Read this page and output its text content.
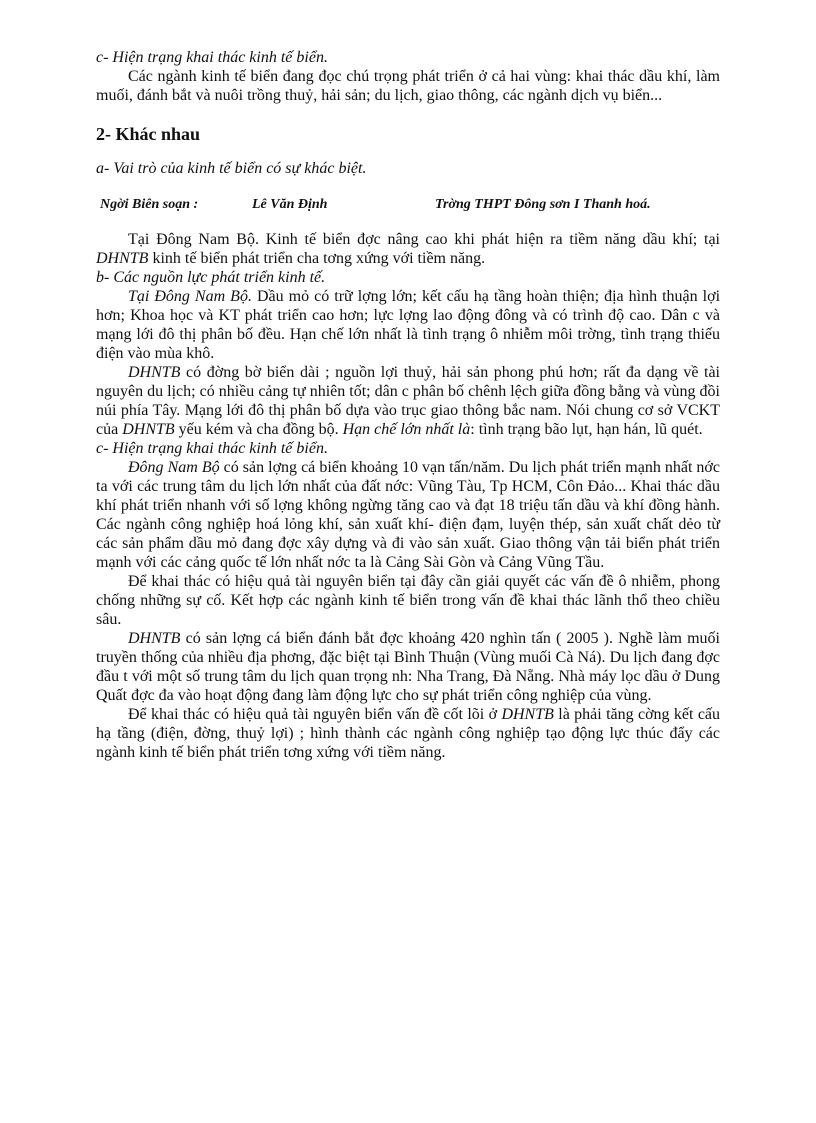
c- Hiện trạng khai thác kinh tế biển.

Các ngành kinh tế biển đang đọc chú trọng phát triển ở cả hai vùng: khai thác dầu khí, làm muối, đánh bắt và nuôi trồng thuỷ, hải sản; du lịch, giao thông, các ngành dịch vụ biển...

2- Khác nhau

a- Vai trò của kinh tế biển có sự khác biệt.

Ngời Biên soạn :	Lê Văn Định	Trờng THPT Đông sơn I Thanh hoá.

Tại Đông Nam Bộ. Kinh tế biển đợc nâng cao khi phát hiện ra tiềm năng dầu khí; tại DHNTB kinh tế biển phát triển cha tơng xứng với tiềm năng.

b- Các nguồn lực phát triển kinh tế.

Tại Đông Nam Bộ. Dầu mỏ có trữ lợng lớn; kết cấu hạ tầng hoàn thiện; địa hình thuận lợi hơn; Khoa học và KT phát triển cao hơn; lực lợng lao động đông và có trình độ cao. Dân c và mạng lới đô thị phân bố đều. Hạn chế lớn nhất là tình trạng ô nhiễm môi trờng, tình trạng thiếu điện vào mùa khô.

DHNTB có đờng bờ biển dài ; nguồn lợi thuỷ, hải sản phong phú hơn; rất đa dạng về tài nguyên du lịch; có nhiều cảng tự nhiên tốt; dân c phân bố chênh lệch giữa đồng bằng và vùng đồi núi phía Tây. Mạng lới đô thị phân bố dựa vào trục giao thông bắc nam. Nói chung cơ sở VCKT của DHNTB yếu kém và cha đồng bộ. Hạn chế lớn nhất là: tình trạng bão lụt, hạn hán, lũ quét.

c- Hiện trạng khai thác kinh tế biển.

Đông Nam Bộ có sản lợng cá biển khoảng 10 vạn tấn/năm. Du lịch phát triển mạnh nhất nớc ta với các trung tâm du lịch lớn nhất của đất nớc: Vũng Tàu, Tp HCM, Côn Đảo... Khai thác dầu khí phát triển nhanh với số lợng không ngừng tăng cao và đạt 18 triệu tấn dầu và khí đồng hành. Các ngành công nghiệp hoá lỏng khí, sản xuất khí- điện đạm, luyện thép, sản xuất chất dẻo từ các sản phẩm dầu mỏ đang đợc xây dựng và đi vào sản xuất. Giao thông vận tải biển phát triển mạnh với các cảng quốc tế lớn nhất nớc ta là Cảng Sài Gòn và Cảng Vũng Tầu.

Để khai thác có hiệu quả tài nguyên biển tại đây cần giải quyết các vấn đề ô nhiễm, phong chống những sự cố. Kết hợp các ngành kinh tế biển trong vấn đề khai thác lãnh thổ theo chiều sâu.

DHNTB có sản lợng cá biển đánh bắt đợc khoảng 420 nghìn tấn ( 2005 ). Nghề làm muối truyền thống của nhiều địa phơng, đặc biệt tại Bình Thuận (Vùng muối Cà Ná). Du lịch đang đợc đầu t với một số trung tâm du lịch quan trọng nh: Nha Trang, Đà Nẵng. Nhà máy lọc dầu ở Dung Quất đợc đa vào hoạt động đang làm động lực cho sự phát triển công nghiệp của vùng.

Để khai thác có hiệu quả tài nguyên biển vấn đề cốt lõi ở DHNTB là phải tăng cờng kết cấu hạ tầng (điện, đờng, thuỷ lợi) ; hình thành các ngành công nghiệp tạo động lực thúc đẩy các ngành kinh tế biển phát triển tơng xứng với tiềm năng.
